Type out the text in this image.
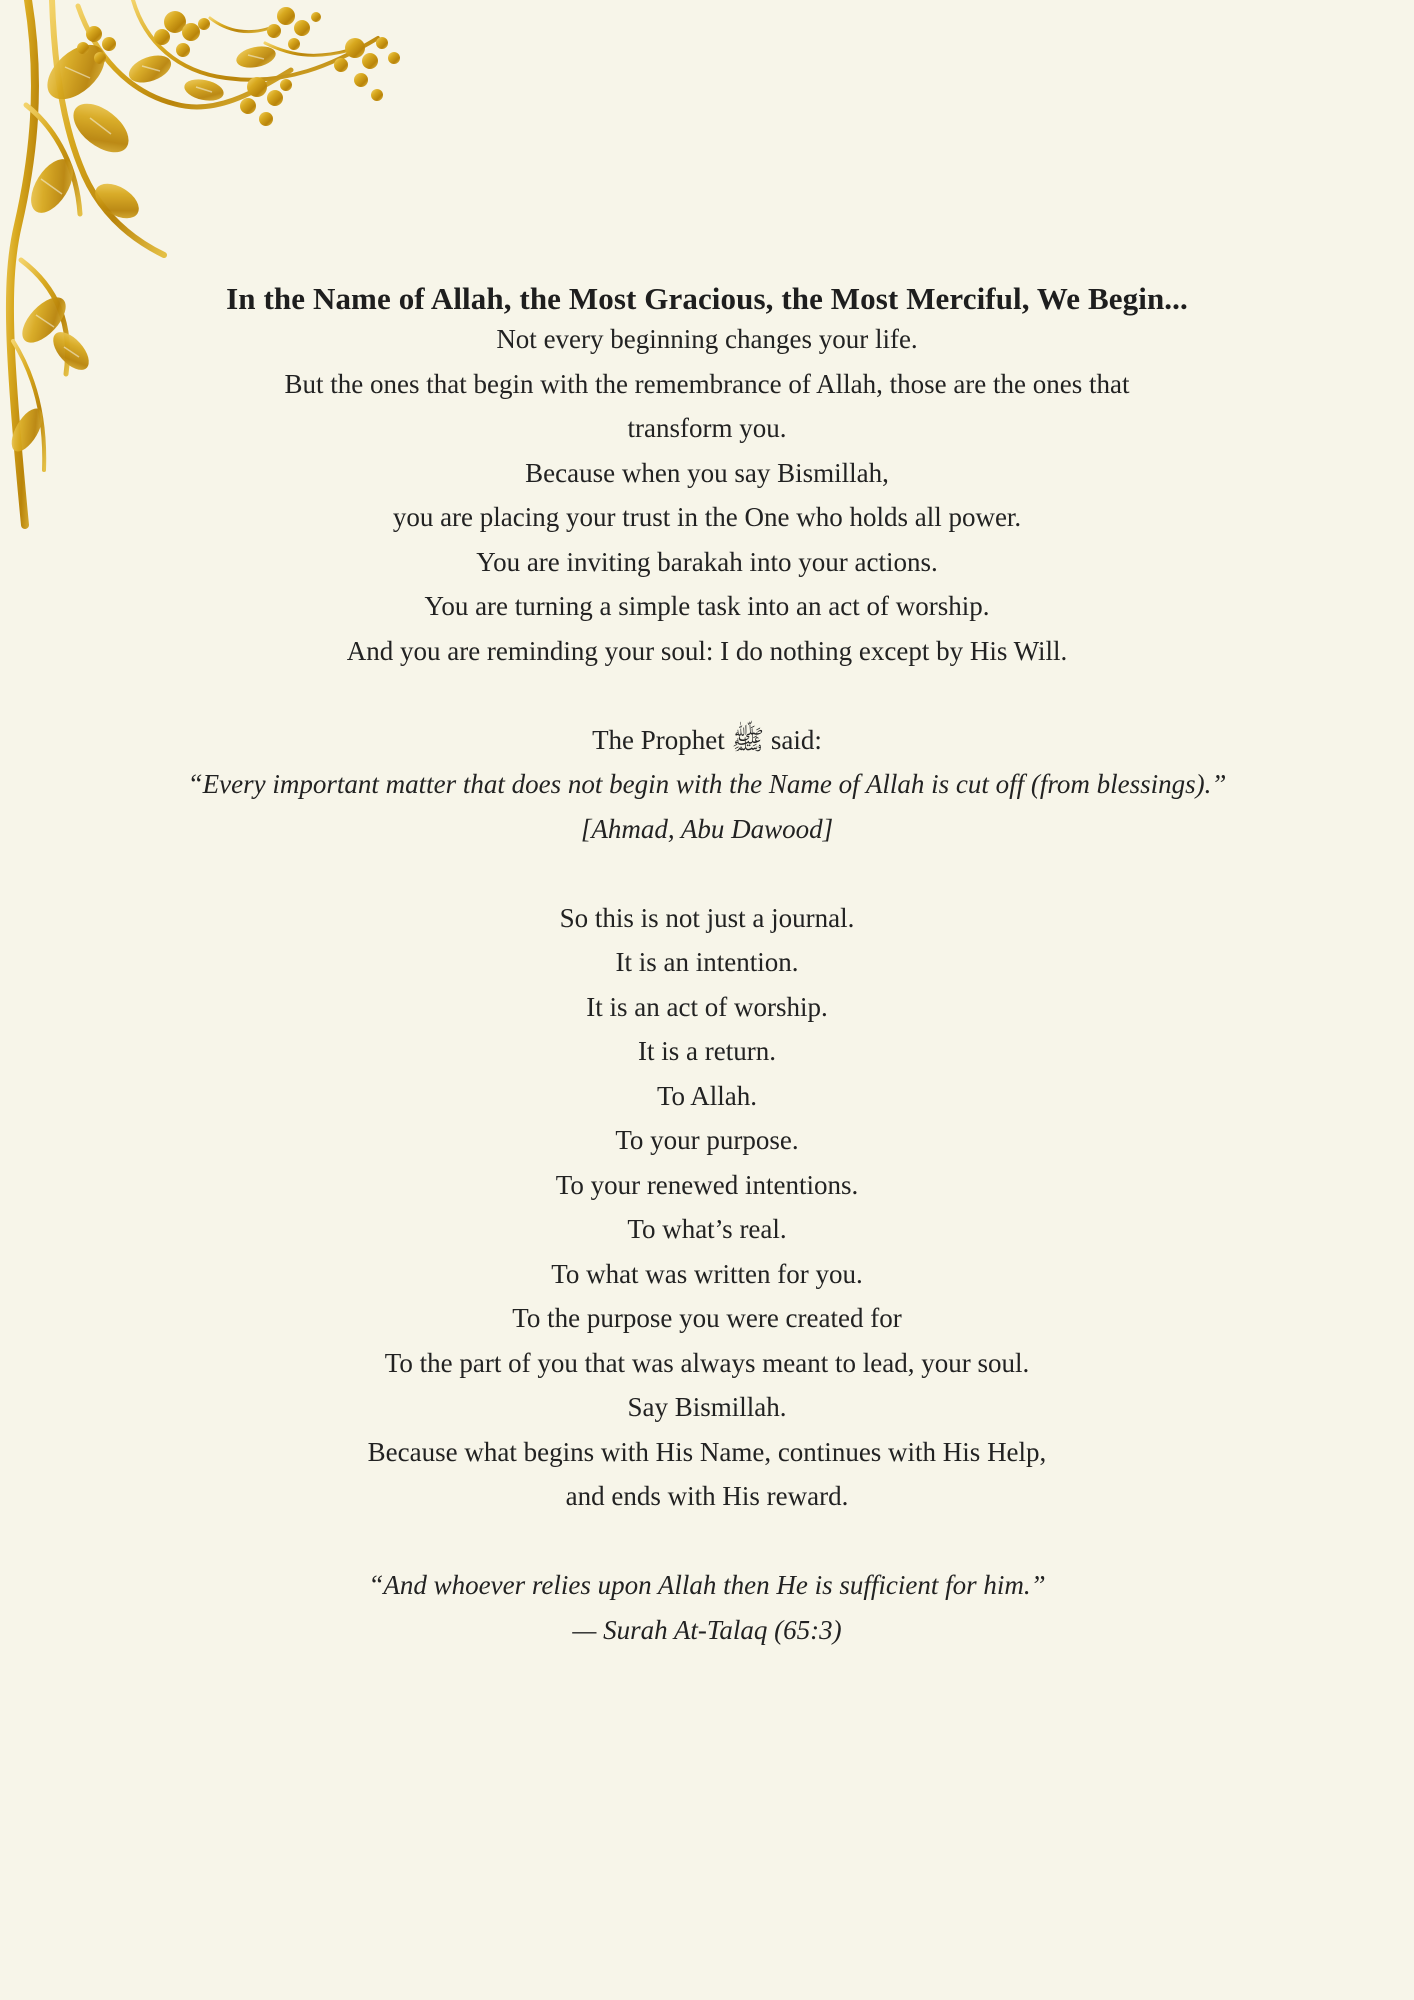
In the Name of Allah, the Most Gracious, the Most Merciful, We Begin...
Not every beginning changes your life.
But the ones that begin with the remembrance of Allah, those are the ones that
transform you.
Because when you say Bismillah,
you are placing your trust in the One who holds all power.
You are inviting barakah into your actions.
You are turning a simple task into an act of worship.
And you are reminding your soul: I do nothing except by His Will.
The Prophet ﷺ said:
“Every important matter that does not begin with the Name of Allah is cut off (from blessings).”
[Ahmad, Abu Dawood]
So this is not just a journal.
It is an intention.
It is an act of worship.
It is a return.
To Allah.
To your purpose.
To your renewed intentions.
To what’s real.
To what was written for you.
To the purpose you were created for
To the part of you that was always meant to lead, your soul.
Say Bismillah.
Because what begins with His Name, continues with His Help,
and ends with His reward.
“And whoever relies upon Allah then He is sufficient for him.”
— Surah At-Talaq (65:3)
